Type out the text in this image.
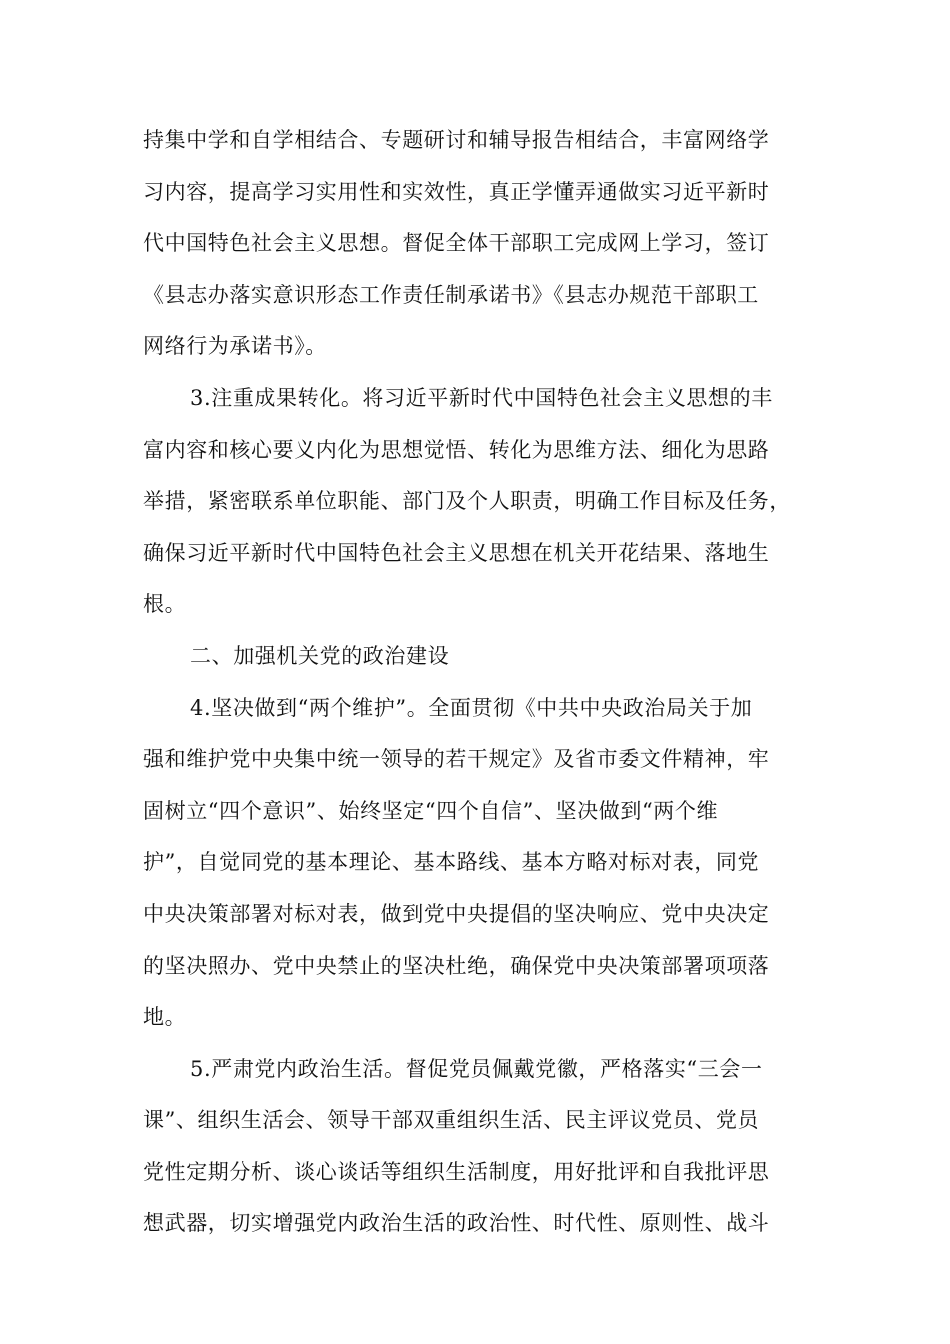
持集中学和自学相结合、专题研讨和辅导报告相结合，丰富网络学
习内容，提高学习实用性和实效性，真正学懂弄通做实习近平新时
代中国特色社会主义思想。督促全体干部职工完成网上学习，签订
《县志办落实意识形态工作责任制承诺书》《县志办规范干部职工
网络行为承诺书》。
3.注重成果转化。将习近平新时代中国特色社会主义思想的丰
富内容和核心要义内化为思想觉悟、转化为思维方法、细化为思路
举措，紧密联系单位职能、部门及个人职责，明确工作目标及任务，
确保习近平新时代中国特色社会主义思想在机关开花结果、落地生
根。
二、加强机关党的政治建设
4.坚决做到“两个维护”。全面贯彻《中共中央政治局关于加
强和维护党中央集中统一领导的若干规定》及省市委文件精神，牢
固树立“四个意识”、始终坚定“四个自信”、坚决做到“两个维
护”，自觉同党的基本理论、基本路线、基本方略对标对表，同党
中央决策部署对标对表，做到党中央提倡的坚决响应、党中央决定
的坚决照办、党中央禁止的坚决杜绝，确保党中央决策部署项项落
地。
5.严肃党内政治生活。督促党员佩戴党徽，严格落实“三会一
课”、组织生活会、领导干部双重组织生活、民主评议党员、党员
党性定期分析、谈心谈话等组织生活制度，用好批评和自我批评思
想武器，切实增强党内政治生活的政治性、时代性、原则性、战斗
